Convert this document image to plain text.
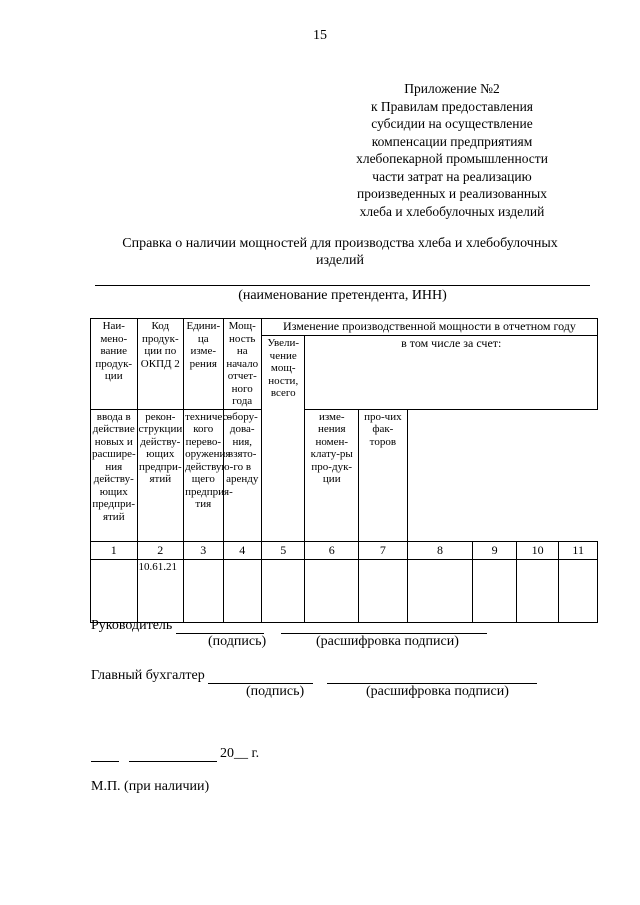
15
Приложение №2
к Правилам предоставления
субсидии на осуществление
компенсации предприятиям
хлебопекарной промышленности
части затрат на реализацию
произведенных и реализованных
хлеба и хлебобулочных изделий
Справка о наличии мощностей для производства хлеба и хлебобулочных
изделий
(наименование претендента, ИНН)
Наи-мено-вание продук-ции	Код продук-ции по ОКПД 2	Едини-ца изме-рения	Мощ-ность на начало отчет-ного года	Изменение производственной мощности в отчетном году						
				Увели-чение мощ-ности, всего	в том числе за счет:					
ввода в действие новых и расшире-ния действу-ющих предпри-ятий	рекон-струкции действу-ющих предпри-ятий	техничес-кого перево-оружения действую-щего предприя-тия	обору-дова-ния, взято-го в аренду		изме-нения номен-клату-ры про-дук-ции	про-чих фак-торов				
1	2	3	4	5	6	7	8	9	10	11
	10.61.21									
Руководитель
(подпись)	(расшифровка подписи)
Главный бухгалтер
(подпись)	(расшифровка подписи)
20__ г.
М.П. (при наличии)
